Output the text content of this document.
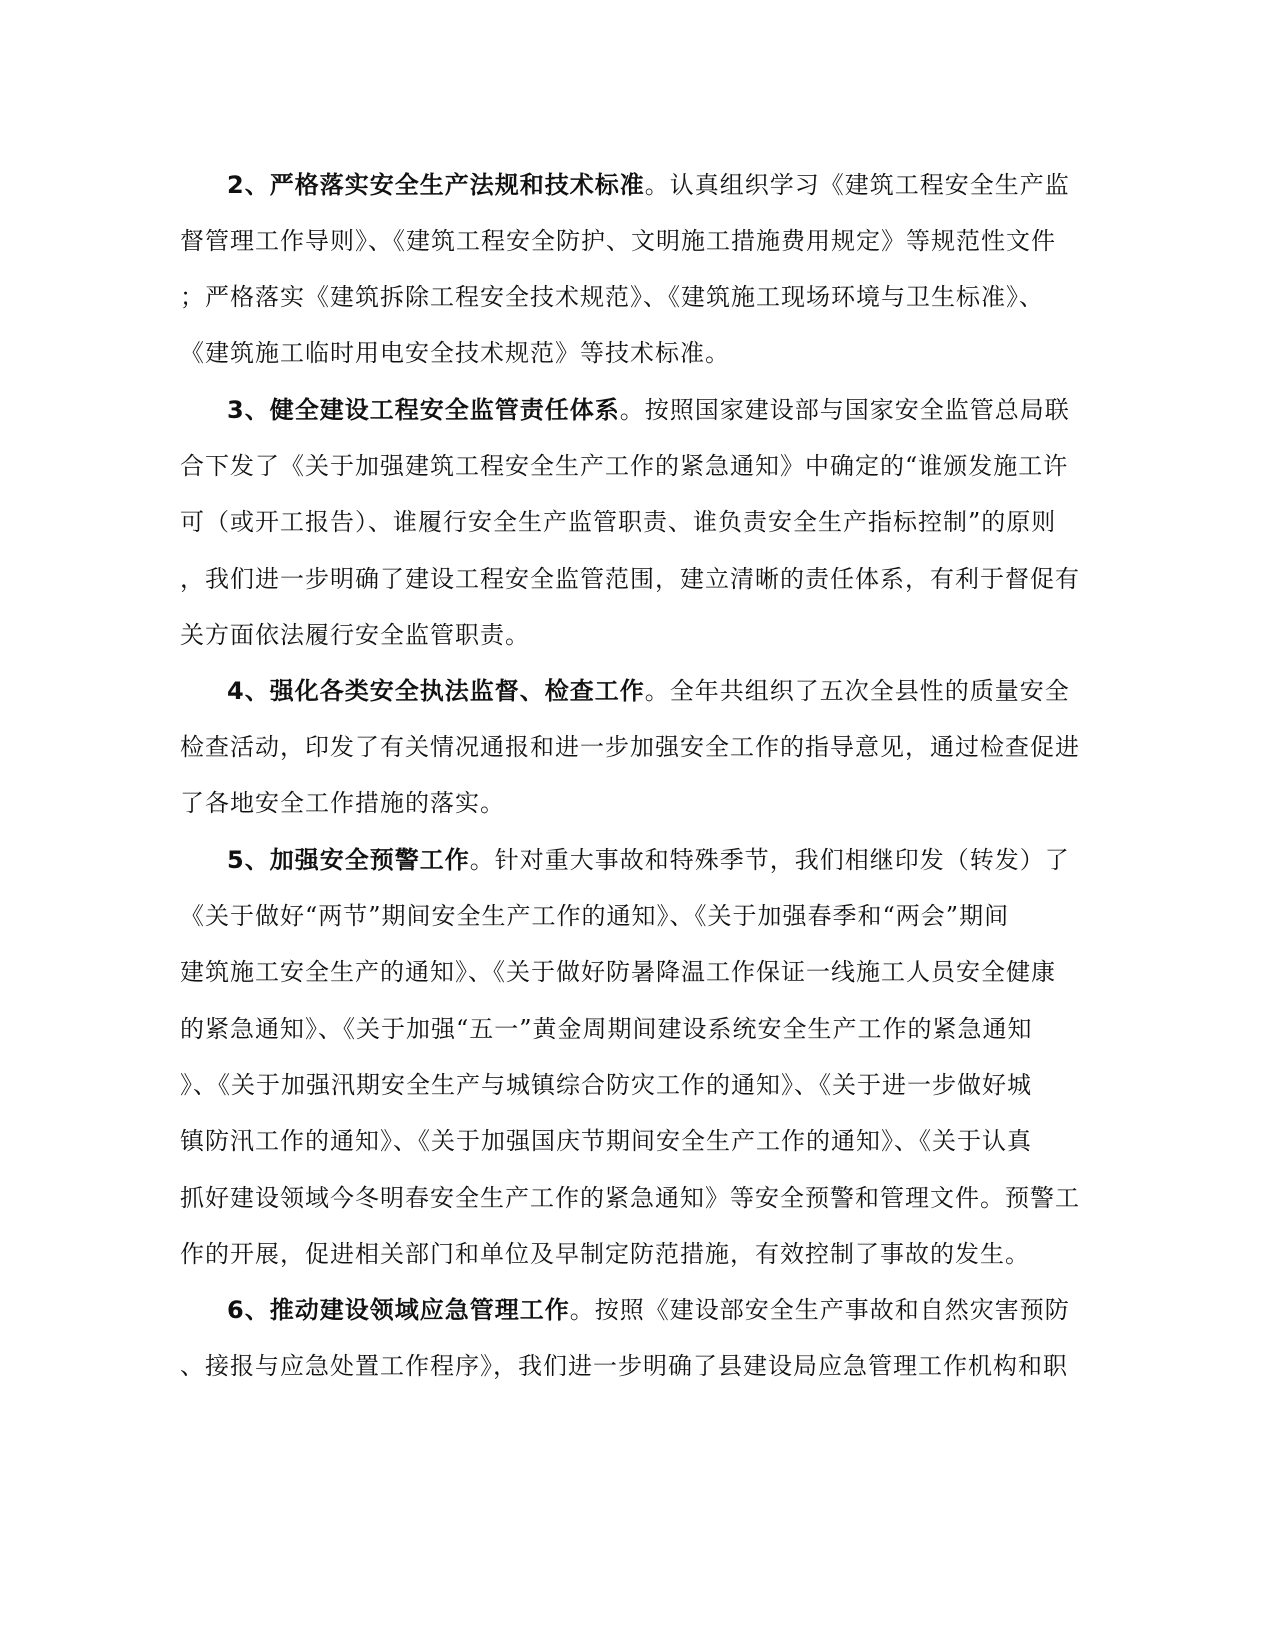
2、严格落实安全生产法规和技术标准。认真组织学习《建筑工程安全生产监

督管理工作导则》、《建筑工程安全防护、文明施工措施费用规定》等规范性文件

；严格落实《建筑拆除工程安全技术规范》、《建筑施工现场环境与卫生标准》、

《建筑施工临时用电安全技术规范》等技术标准。

3、健全建设工程安全监管责任体系。按照国家建设部与国家安全监管总局联

合下发了《关于加强建筑工程安全生产工作的紧急通知》中确定的“谁颁发施工许

可（或开工报告）、谁履行安全生产监管职责、谁负责安全生产指标控制”的原则

，我们进一步明确了建设工程安全监管范围，建立清晰的责任体系，有利于督促有

关方面依法履行安全监管职责。

4、强化各类安全执法监督、检查工作。全年共组织了五次全县性的质量安全

检查活动，印发了有关情况通报和进一步加强安全工作的指导意见，通过检查促进

了各地安全工作措施的落实。

5、加强安全预警工作。针对重大事故和特殊季节，我们相继印发（转发）了

《关于做好“两节”期间安全生产工作的通知》、《关于加强春季和“两会”期间

建筑施工安全生产的通知》、《关于做好防暑降温工作保证一线施工人员安全健康

的紧急通知》、《关于加强“五一”黄金周期间建设系统安全生产工作的紧急通知

》、《关于加强汛期安全生产与城镇综合防灾工作的通知》、《关于进一步做好城

镇防汛工作的通知》、《关于加强国庆节期间安全生产工作的通知》、《关于认真

抓好建设领域今冬明春安全生产工作的紧急通知》等安全预警和管理文件。预警工

作的开展，促进相关部门和单位及早制定防范措施，有效控制了事故的发生。

6、推动建设领域应急管理工作。按照《建设部安全生产事故和自然灾害预防

、接报与应急处置工作程序》，我们进一步明确了县建设局应急管理工作机构和职
